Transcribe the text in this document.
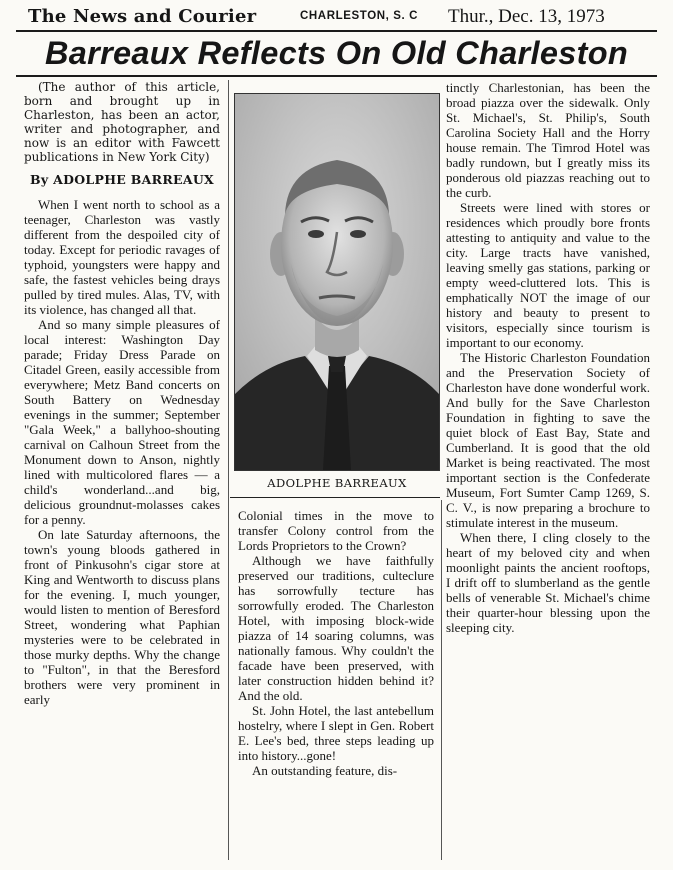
The News and Courier	CHARLESTON, S. C Thur., Dec. 13, 1973
Barreaux Reflects On Old Charleston

(The author of this article, born and brought up in Charleston, has been an actor, writer and photographer, and now is an editor with Fawcett publications in New York City)

By ADOLPHE BARREAUX

When I went north to school as a teenager, Charleston was vastly different from the despoiled city of today. Except for periodic ravages of typhoid, youngsters were happy and safe, the fastest vehicles being drays pulled by tired mules. Alas, TV, with its violence, has changed all that.

And so many simple pleasures of local interest: Washington Day parade; Friday Dress Parade on Citadel Green, easily accessible from everywhere; Metz Band concerts on South Battery on Wednesday evenings in the summer; September "Gala Week," a ballyhoo-shouting carnival on Calhoun Street from the Monument down to Anson, nightly lined with multicolored flares — a child's wonderland...and big, delicious groundnut-molasses cakes for a penny.

On late Saturday afternoons, the town's young bloods gathered in front of Pinkusohn's cigar store at King and Wentworth to discuss plans for the evening. I, much younger, would listen to mention of Beresford Street, wondering what Paphian mysteries were to be celebrated in those murky depths. Why the change to "Fulton", in that the Beresford brothers were very prominent in early

ADOLPHE BARREAUX

Colonial times in the move to transfer Colony control from the Lords Proprietors to the Crown?

Although we have faithfully preserved our traditions, culteclure has sorrowfully tecture has sorrowfully eroded. The Charleston Hotel, with imposing block-wide piazza of 14 soaring columns, was nationally famous. Why couldn't the facade have been preserved, with later construction hidden behind it? And the old.

St. John Hotel, the last antebellum hostelry, where I slept in Gen. Robert E. Lee's bed, three steps leading up into history...gone!

An outstanding feature, dis-

tinctly Charlestonian, has been the broad piazza over the sidewalk. Only St. Michael's, St. Philip's, South Carolina Society Hall and the Horry house remain. The Timrod Hotel was badly rundown, but I greatly miss its ponderous old piazzas reaching out to the curb.

Streets were lined with stores or residences which proudly bore fronts attesting to antiquity and value to the city. Large tracts have vanished, leaving smelly gas stations, parking or empty weed-cluttered lots. This is emphatically NOT the image of our history and beauty to present to visitors, especially since tourism is important to our economy.

The Historic Charleston Foundation and the Preservation Society of Charleston have done wonderful work. And bully for the Save Charleston Foundation in fighting to save the quiet block of East Bay, State and Cumberland. It is good that the old Market is being reactivated. The most important section is the Confederate Museum, Fort Sumter Camp 1269, S. C. V., is now preparing a brochure to stimulate interest in the museum.

When there, I cling closely to the heart of my beloved city and when moonlight paints the ancient rooftops, I drift off to slumberland as the gentle bells of venerable St. Michael's chime their quarter-hour blessing upon the sleeping city.
